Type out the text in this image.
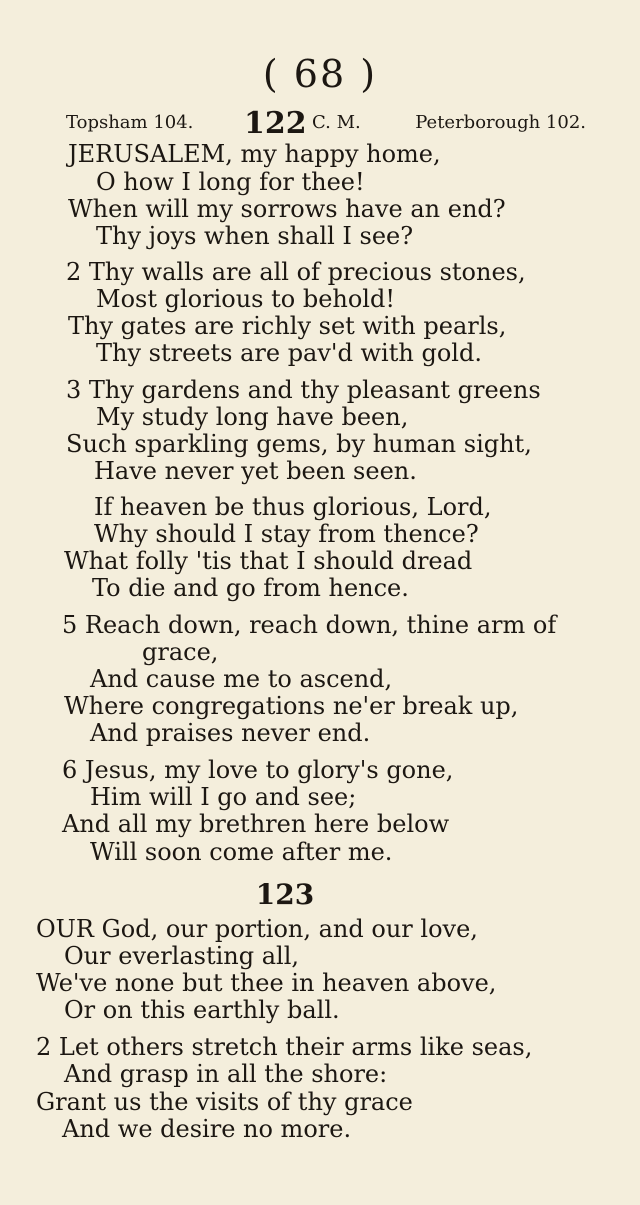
( 68 )
Topsham 104. 122 C. M.	Peterborough 102.
JERUSALEM, my happy home,
O how I long for thee!
When will my sorrows have an end?
Thy joys when shall I see?
2 Thy walls are all of precious stones,
Most glorious to behold!
Thy gates are richly set with pearls,
Thy streets are pav'd with gold.
3 Thy gardens and thy pleasant greens
My study long have been,
Such sparkling gems, by human sight,
Have never yet been seen.
If heaven be thus glorious, Lord,
Why should I stay from thence?
What folly 'tis that I should dread
To die and go from hence.
5 Reach down, reach down, thine arm of
grace,
And cause me to ascend,
Where congregations ne'er break up,
And praises never end.
6 Jesus, my love to glory's gone,
Him will I go and see;
And all my brethren here below
Will soon come after me.
123
OUR God, our portion, and our love,
Our everlasting all,
We've none but thee in heaven above,
Or on this earthly ball.
2 Let others stretch their arms like seas,
And grasp in all the shore:
Grant us the visits of thy grace
And we desire no more.
